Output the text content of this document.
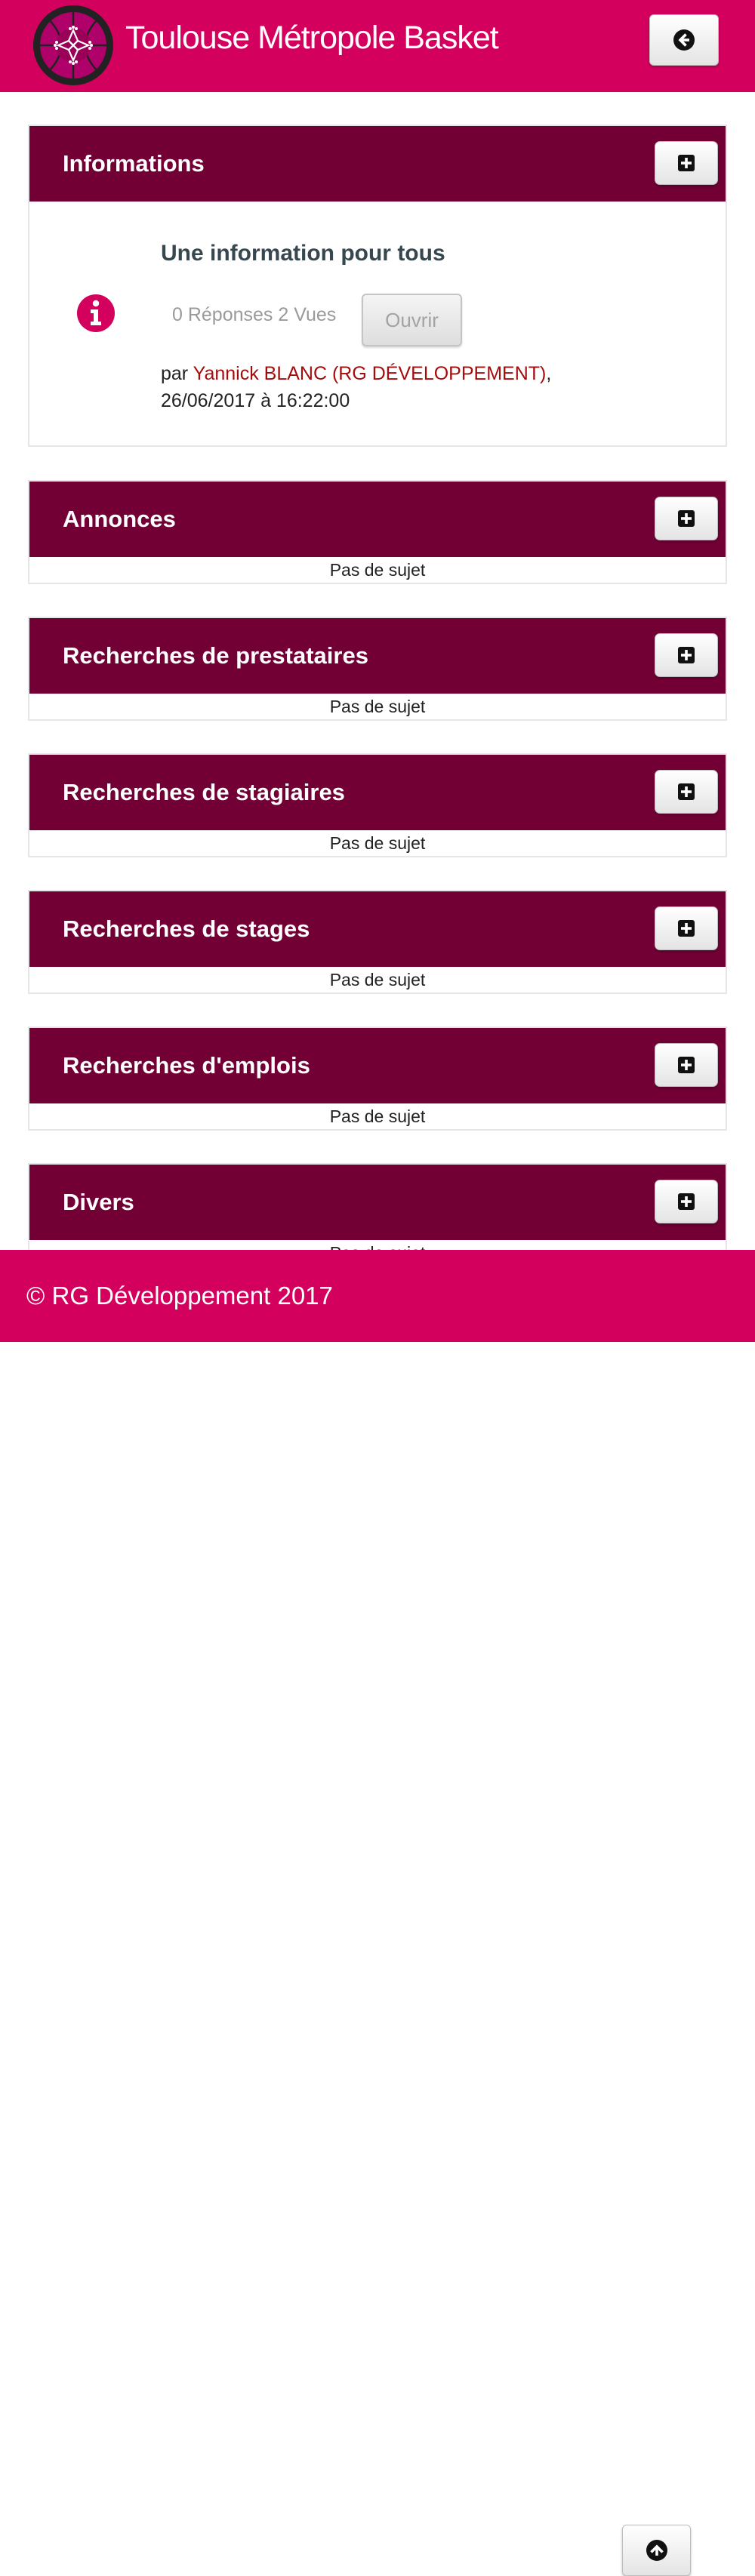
Toulouse Métropole Basket
Informations
Une information pour tous
0 Réponses 2 Vues	Ouvrir
par Yannick BLANC (RG DÉVELOPPEMENT),
26/06/2017 à 16:22:00
Annonces
Pas de sujet
Recherches de prestataires
Pas de sujet
Recherches de stagiaires
Pas de sujet
Recherches de stages
Pas de sujet
Recherches d'emplois
Pas de sujet
Divers
© RG Développement 2017
